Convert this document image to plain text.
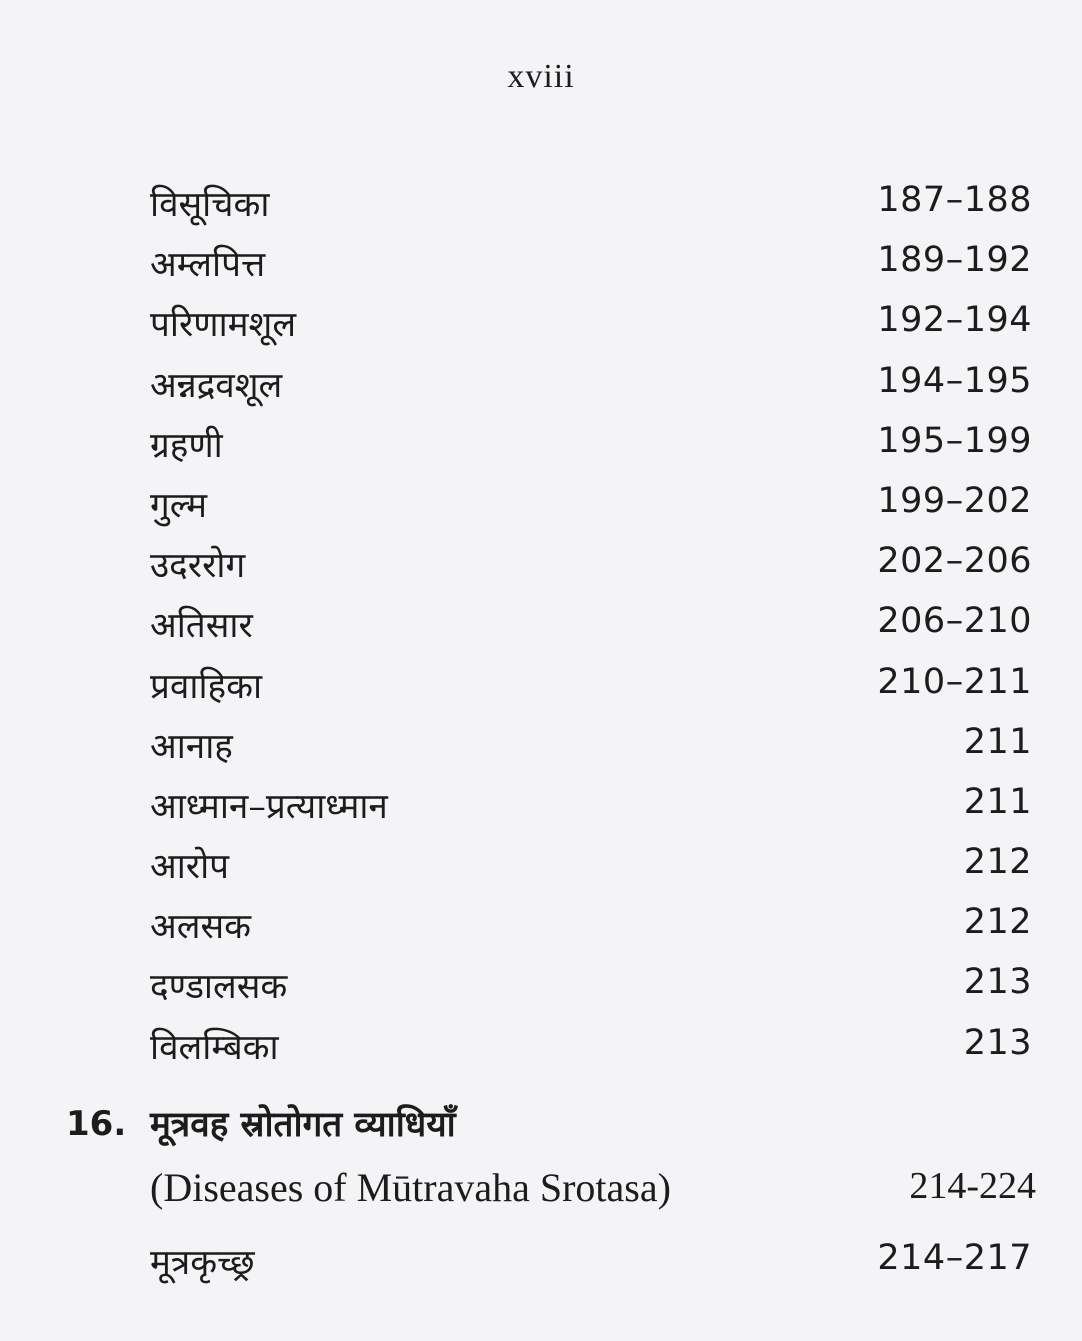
xviii
विसूचिका	187–188
अम्लपित्त	189–192
परिणामशूल	192–194
अन्नद्रवशूल	194–195
ग्रहणी	195–199
गुल्म	199–202
उदररोग	202–206
अतिसार	206–210
प्रवाहिका	210–211
आनाह	211
आध्मान–प्रत्याध्मान	211
आरोप	212
अलसक	212
दण्डालसक	213
विलम्बिका	213
16. मूत्रवह स्रोतोगत व्याधियाँ
(Diseases of Mūtravaha Srotasa)	214-224
मूत्रकृच्छ्र	214–217
